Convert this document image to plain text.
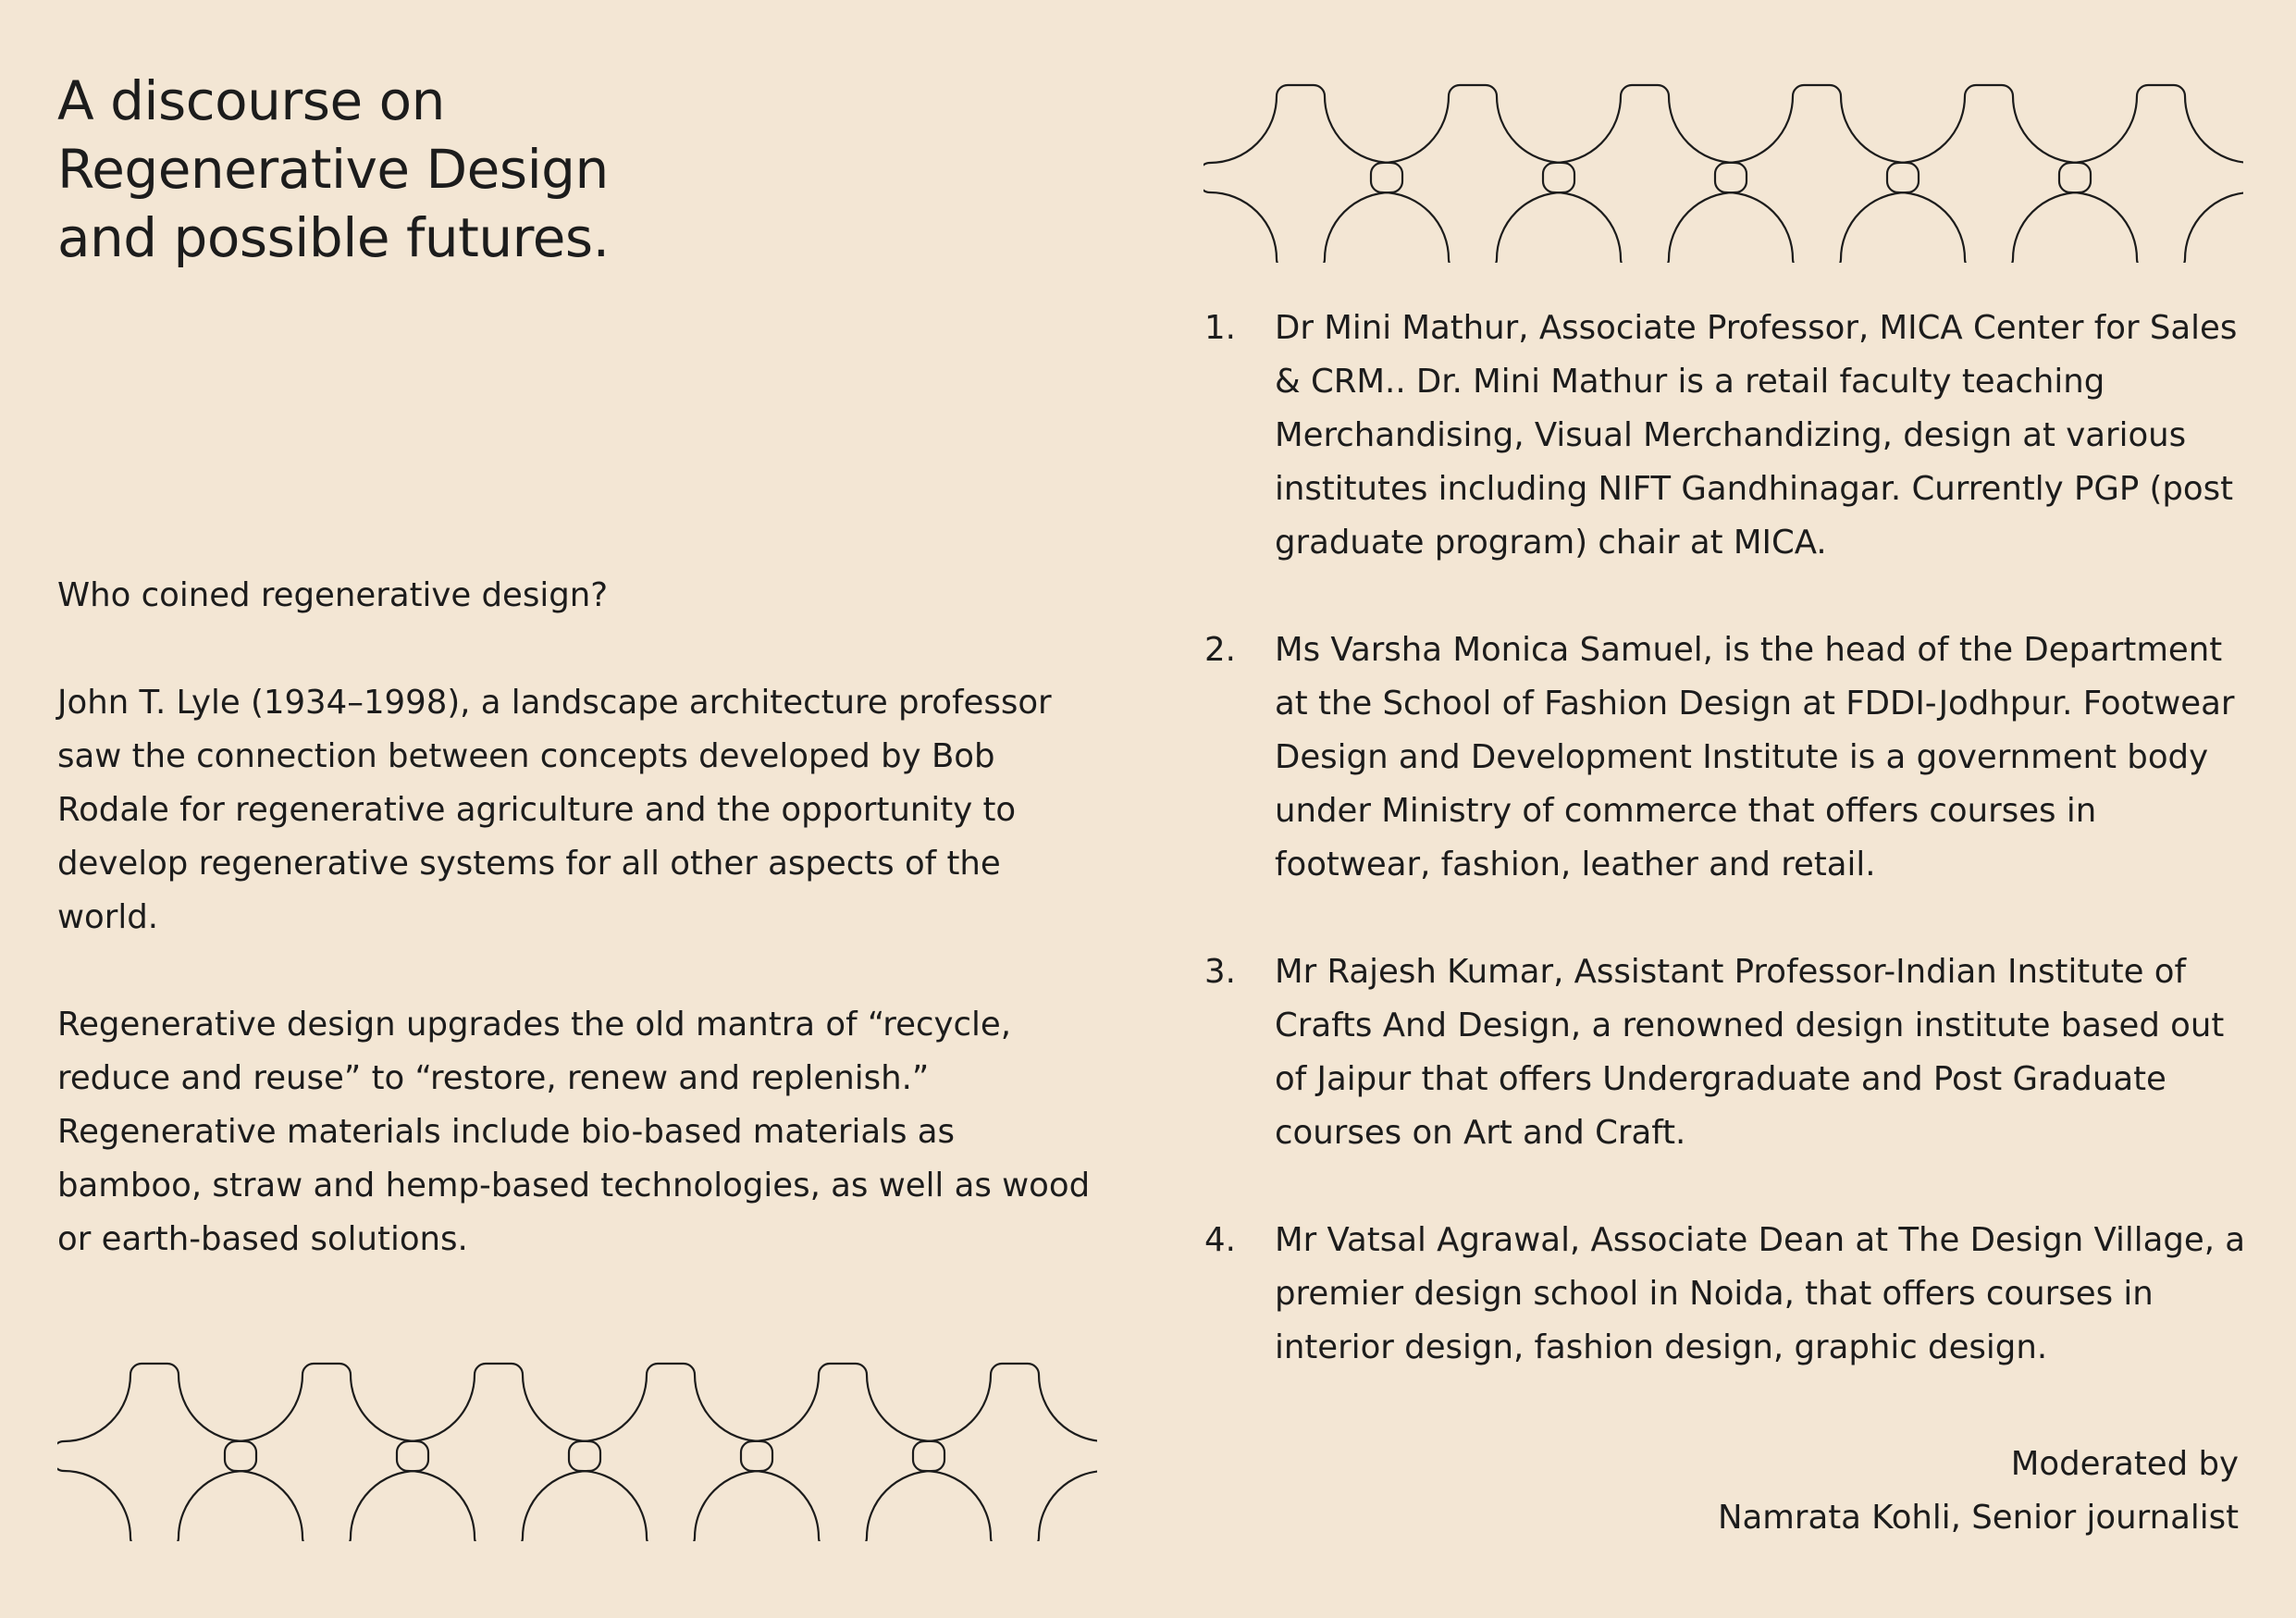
A discourse on
Regenerative Design
and possible futures.

Who coined regenerative design?

John T. Lyle (1934–1998), a landscape architecture professor saw the connection between concepts developed by Bob Rodale for regenerative agriculture and the opportunity to develop regenerative systems for all other aspects of the world.

Regenerative design upgrades the old mantra of “recycle, reduce and reuse” to “restore, renew and replenish.” Regenerative materials include bio-based materials as bamboo, straw and hemp-based technologies, as well as wood or earth-based solutions.

1. Dr Mini Mathur, Associate Professor, MICA Center for Sales & CRM.. Dr. Mini Mathur is a retail faculty teaching Merchandising, Visual Merchandizing, design at various institutes including NIFT Gandhinagar. Currently PGP (post graduate program) chair at MICA.
2. Ms Varsha Monica Samuel, is the head of the Department at the School of Fashion Design at FDDI-Jodhpur. Footwear Design and Development Institute is a government body under Ministry of commerce that offers courses in footwear, fashion, leather and retail.
3. Mr Rajesh Kumar, Assistant Professor-Indian Institute of Crafts And Design, a renowned design institute based out of Jaipur that offers Undergraduate and Post Graduate courses on Art and Craft.
4. Mr Vatsal Agrawal, Associate Dean at The Design Village, a premier design school in Noida, that offers courses in interior design, fashion design, graphic design.
Moderated by
Namrata Kohli, Senior journalist
